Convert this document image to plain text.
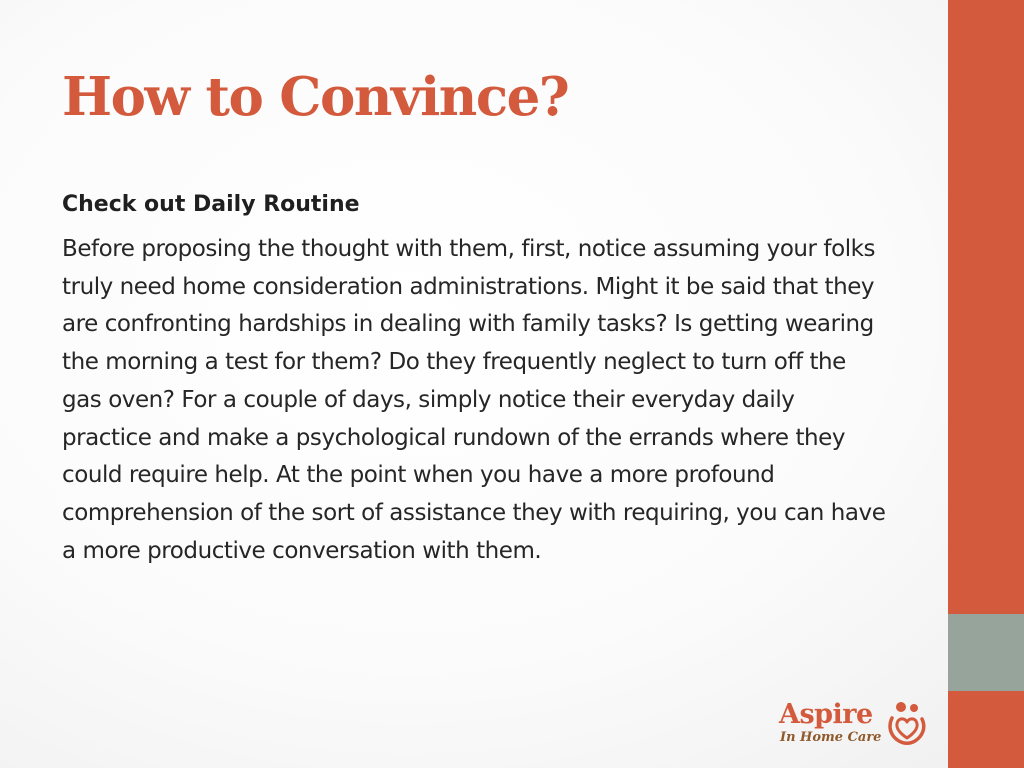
How to Convince?
Check out Daily Routine

Before proposing the thought with them, first, notice assuming your folks truly need home consideration administrations. Might it be said that they are confronting hardships in dealing with family tasks? Is getting wearing the morning a test for them? Do they frequently neglect to turn off the gas oven? For a couple of days, simply notice their everyday daily practice and make a psychological rundown of the errands where they could require help. At the point when you have a more profound comprehension of the sort of assistance they with requiring, you can have a more productive conversation with them.

Aspire
In Home Care
